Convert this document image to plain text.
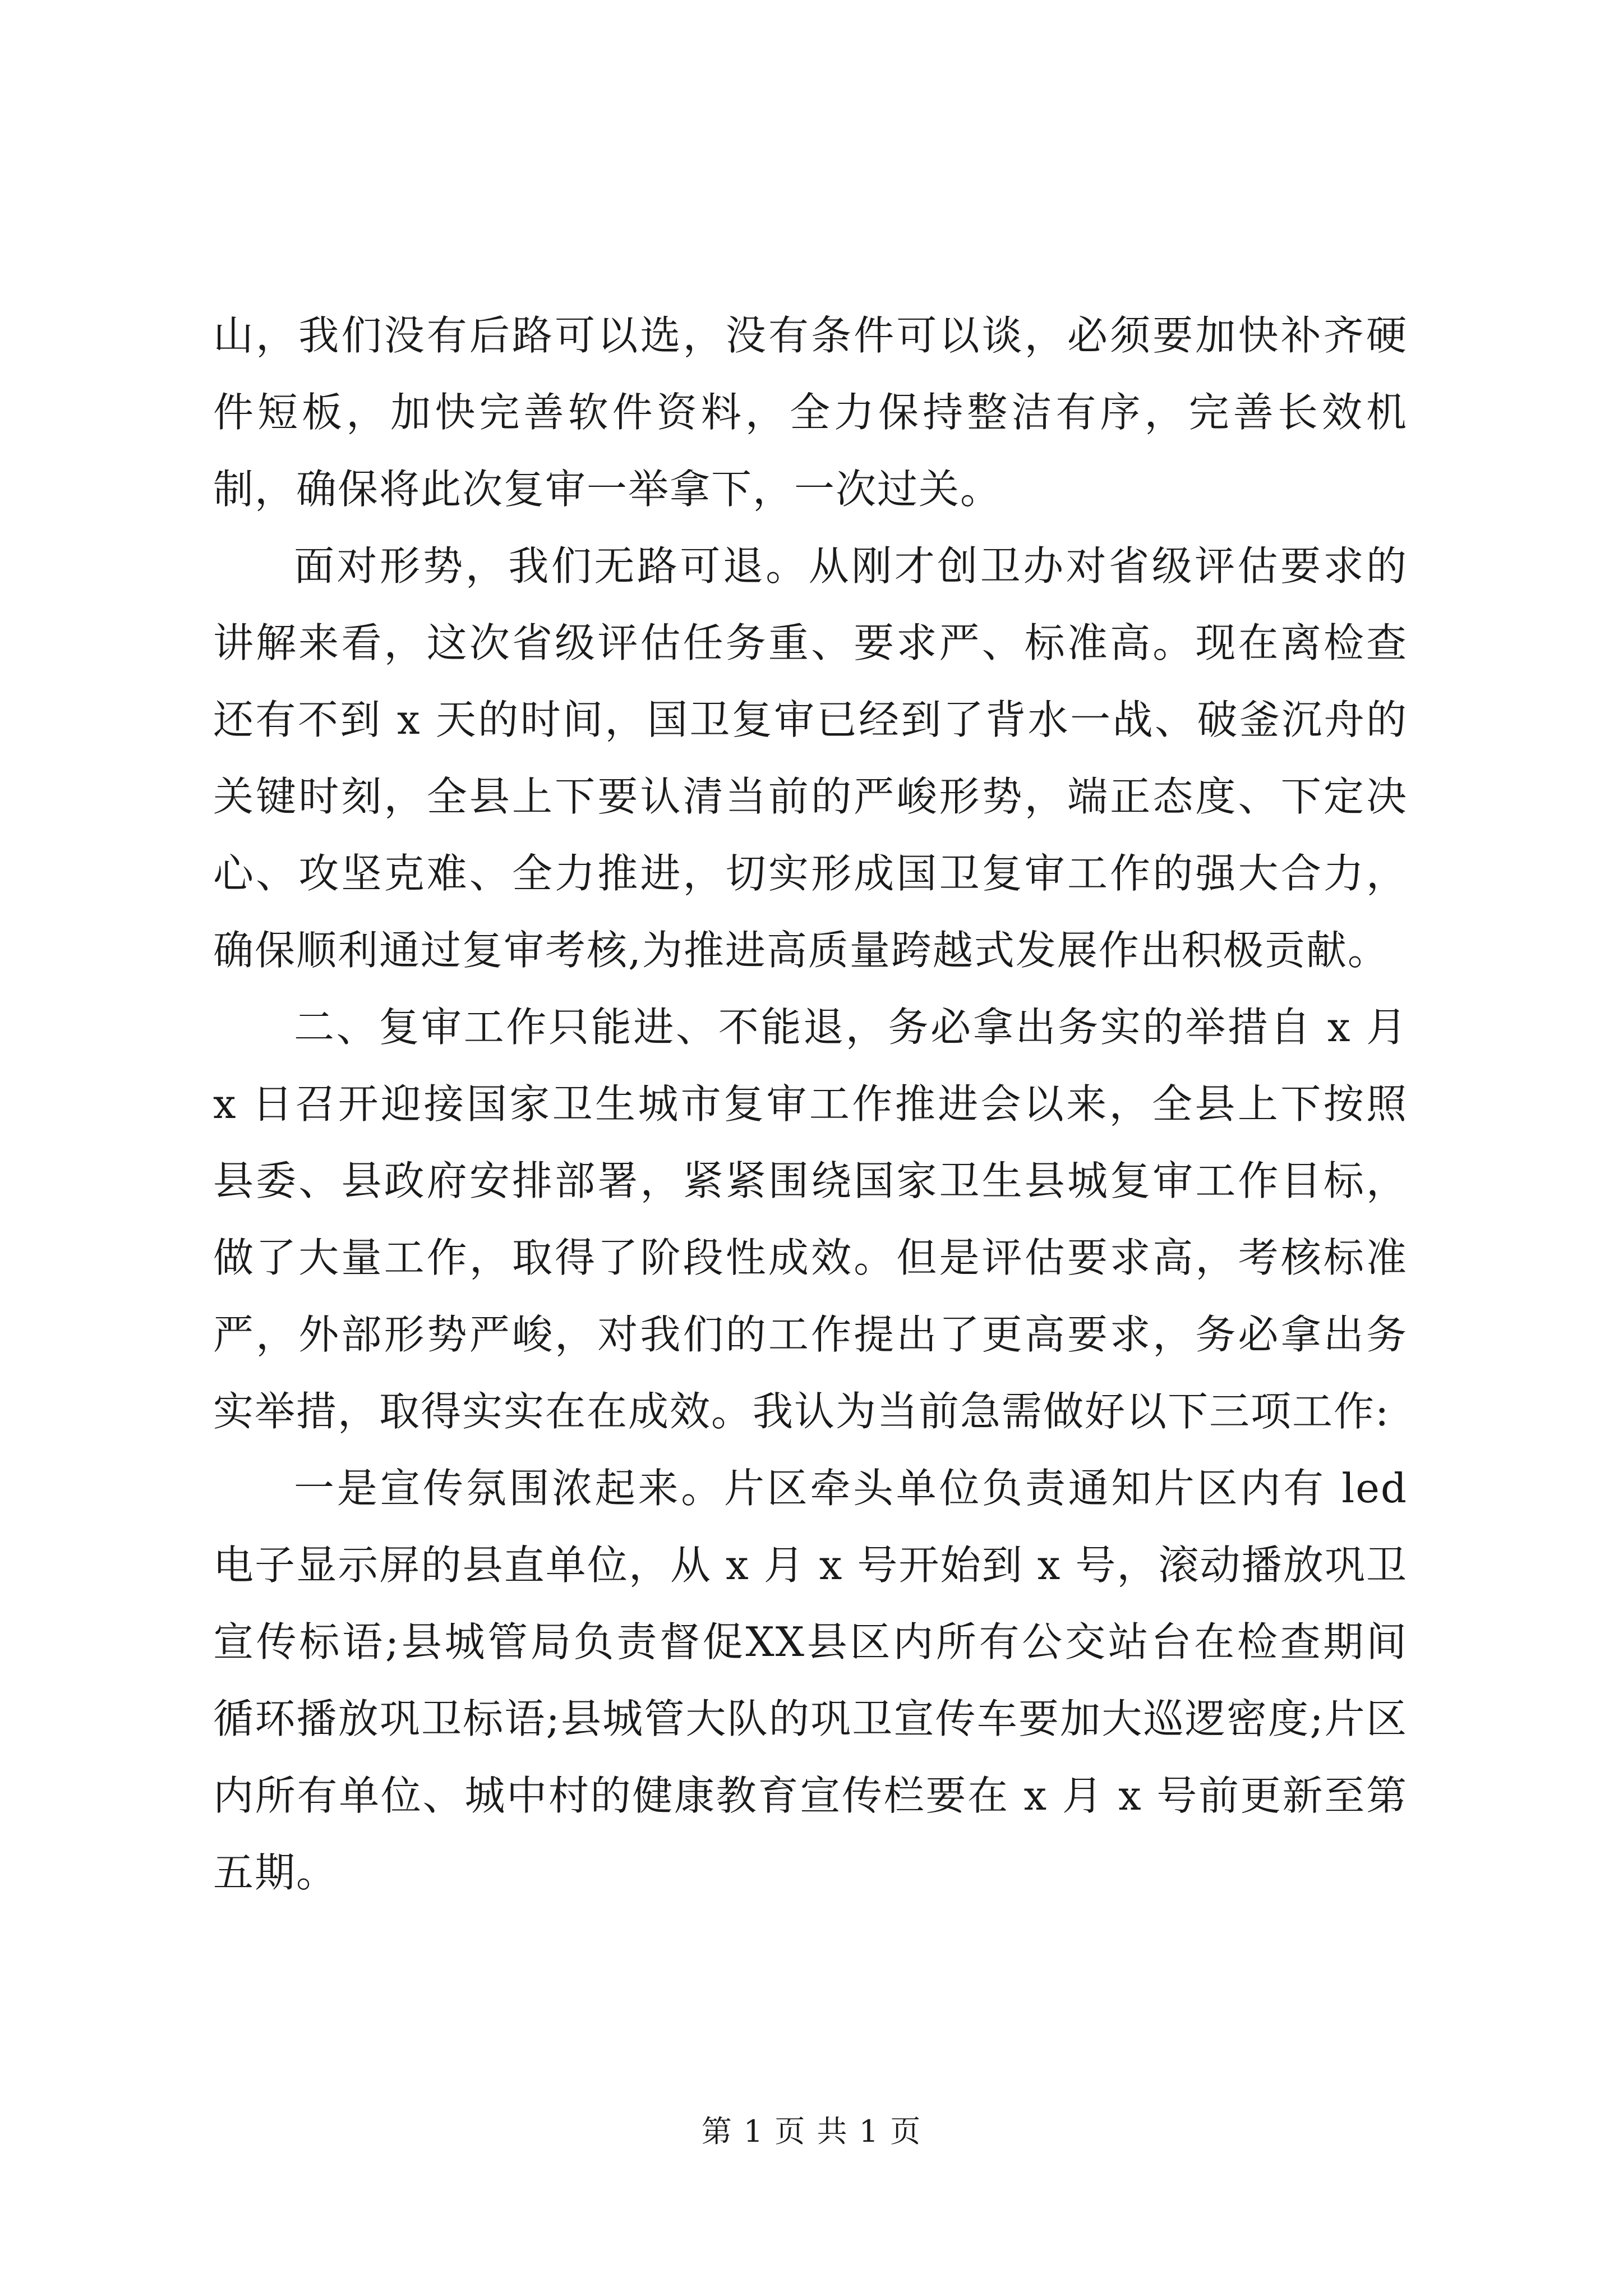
山，我们没有后路可以选，没有条件可以谈，必须要加快补齐硬件短板，加快完善软件资料，全力保持整洁有序，完善长效机制，确保将此次复审一举拿下，一次过关。

面对形势，我们无路可退。从刚才创卫办对省级评估要求的讲解来看，这次省级评估任务重、要求严、标准高。现在离检查还有不到 x 天的时间，国卫复审已经到了背水一战、破釜沉舟的关键时刻，全县上下要认清当前的严峻形势，端正态度、下定决心、攻坚克难、全力推进，切实形成国卫复审工作的强大合力，确保顺利通过复审考核,为推进高质量跨越式发展作出积极贡献。

二、复审工作只能进、不能退，务必拿出务实的举措自 x 月 x 日召开迎接国家卫生城市复审工作推进会以来，全县上下按照县委、县政府安排部署，紧紧围绕国家卫生县城复审工作目标，做了大量工作，取得了阶段性成效。但是评估要求高，考核标准严，外部形势严峻，对我们的工作提出了更高要求，务必拿出务实举措，取得实实在在成效。我认为当前急需做好以下三项工作:

一是宣传氛围浓起来。片区牵头单位负责通知片区内有 led 电子显示屏的县直单位，从 x 月 x 号开始到 x 号，滚动播放巩卫宣传标语;县城管局负责督促XX县区内所有公交站台在检查期间循环播放巩卫标语;县城管大队的巩卫宣传车要加大巡逻密度;片区内所有单位、城中村的健康教育宣传栏要在 x 月 x 号前更新至第五期。

第 1 页 共 1 页
